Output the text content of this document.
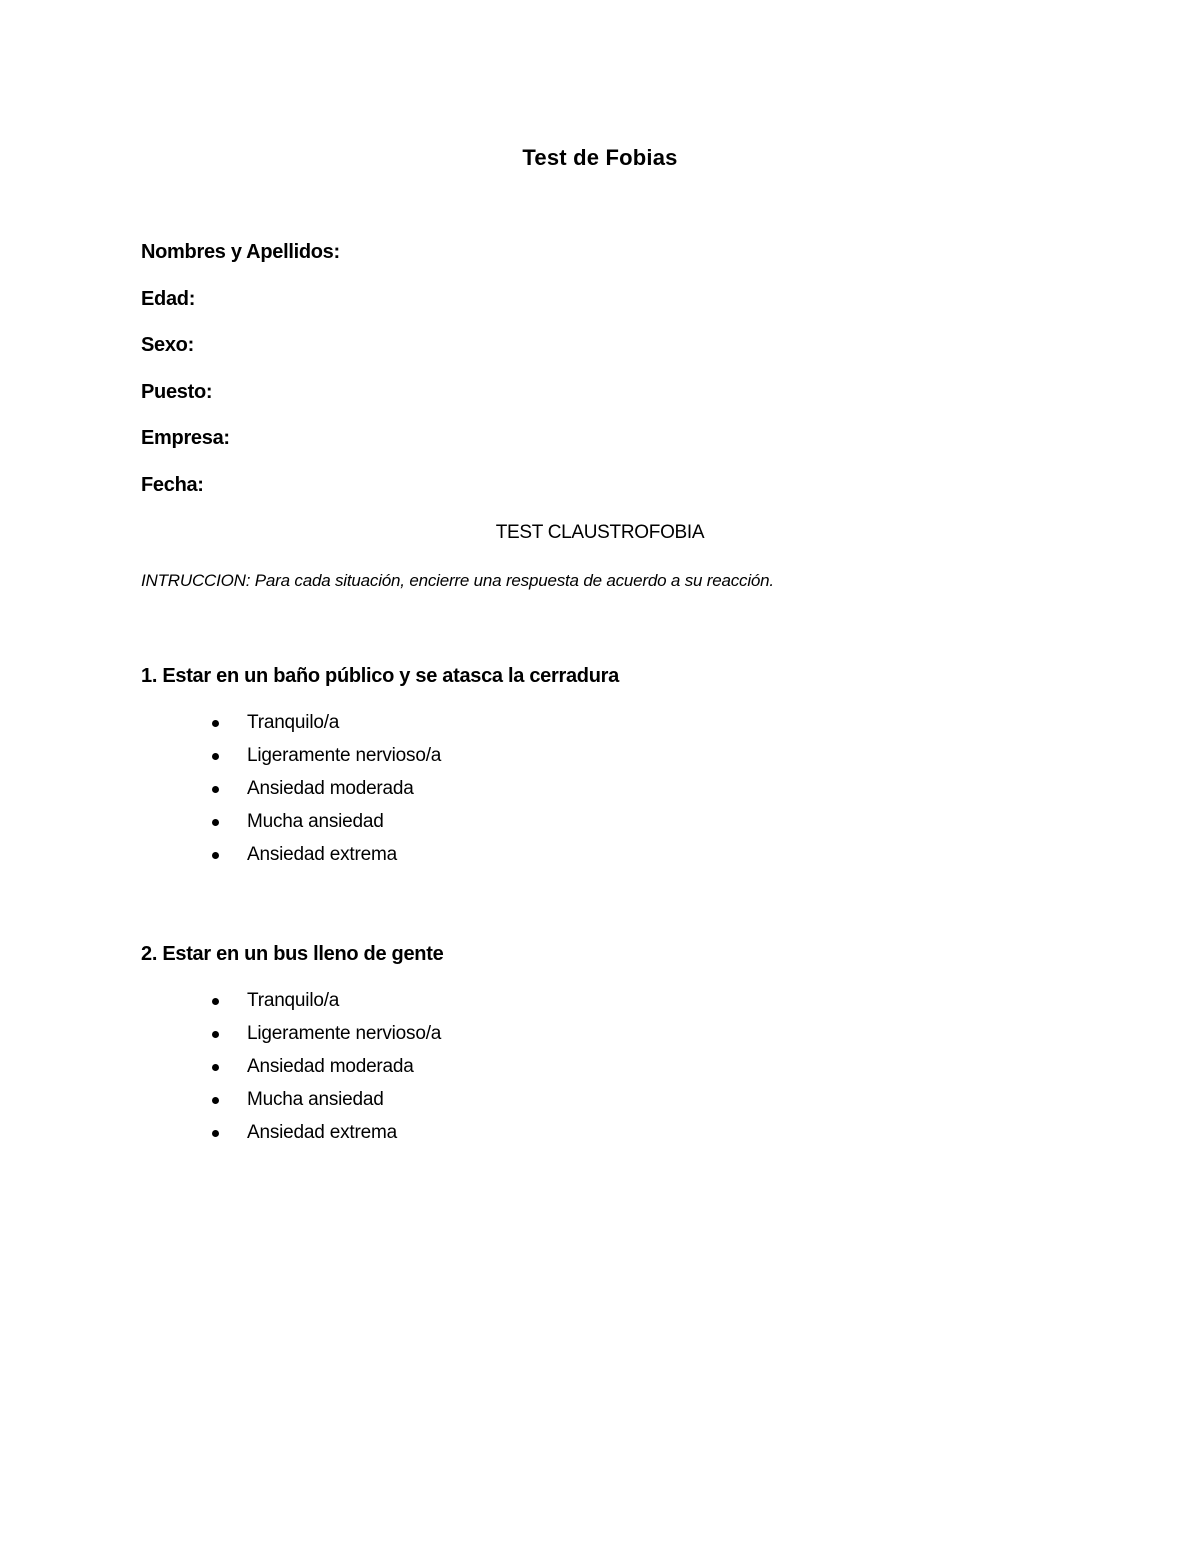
Test de Fobias
Nombres y Apellidos:
Edad:
Sexo:
Puesto:
Empresa:
Fecha:
TEST CLAUSTROFOBIA
INTRUCCION: Para cada situación, encierre una respuesta de acuerdo a su reacción.
1. Estar en un baño público y se atasca la cerradura
Tranquilo/a
Ligeramente nervioso/a
Ansiedad moderada
Mucha ansiedad
Ansiedad extrema
2. Estar en un bus lleno de gente
Tranquilo/a
Ligeramente nervioso/a
Ansiedad moderada
Mucha ansiedad
Ansiedad extrema
